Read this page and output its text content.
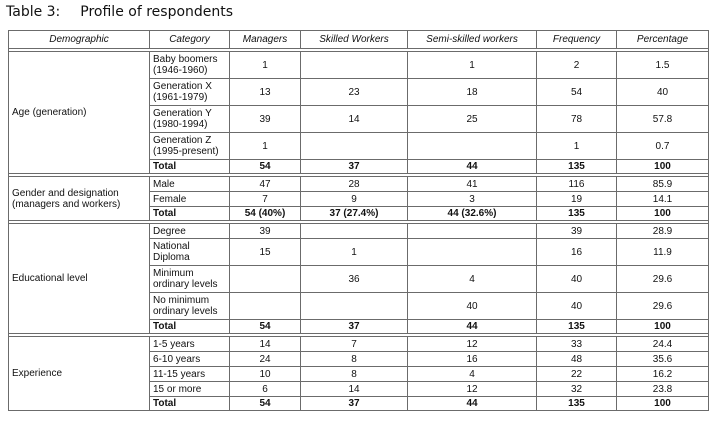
Table 3: Profile of respondents
Demographic	Category	Managers	Skilled Workers	Semi-skilled workers	Frequency	Percentage

Age (generation)	Baby boomers (1946-1960)	1		1	2	1.5
	Generation X (1961-1979)	13	23	18	54	40
	Generation Y (1980-1994)	39	14	25	78	57.8
	Generation Z (1995-present)	1			1	0.7
	Total	54	37	44	135	100

Gender and designation (managers and workers)	Male	47	28	41	116	85.9
	Female	7	9	3	19	14.1
	Total	54 (40%)	37 (27.4%)	44 (32.6%)	135	100

Educational level	Degree	39			39	28.9
	National Diploma	15	1		16	11.9
	Minimum ordinary levels		36	4	40	29.6
	No minimum ordinary levels			40	40	29.6
	Total	54	37	44	135	100

Experience	1-5 years	14	7	12	33	24.4
	6-10 years	24	8	16	48	35.6
	11-15 years	10	8	4	22	16.2
	15 or more	6	14	12	32	23.8
	Total	54	37	44	135	100
